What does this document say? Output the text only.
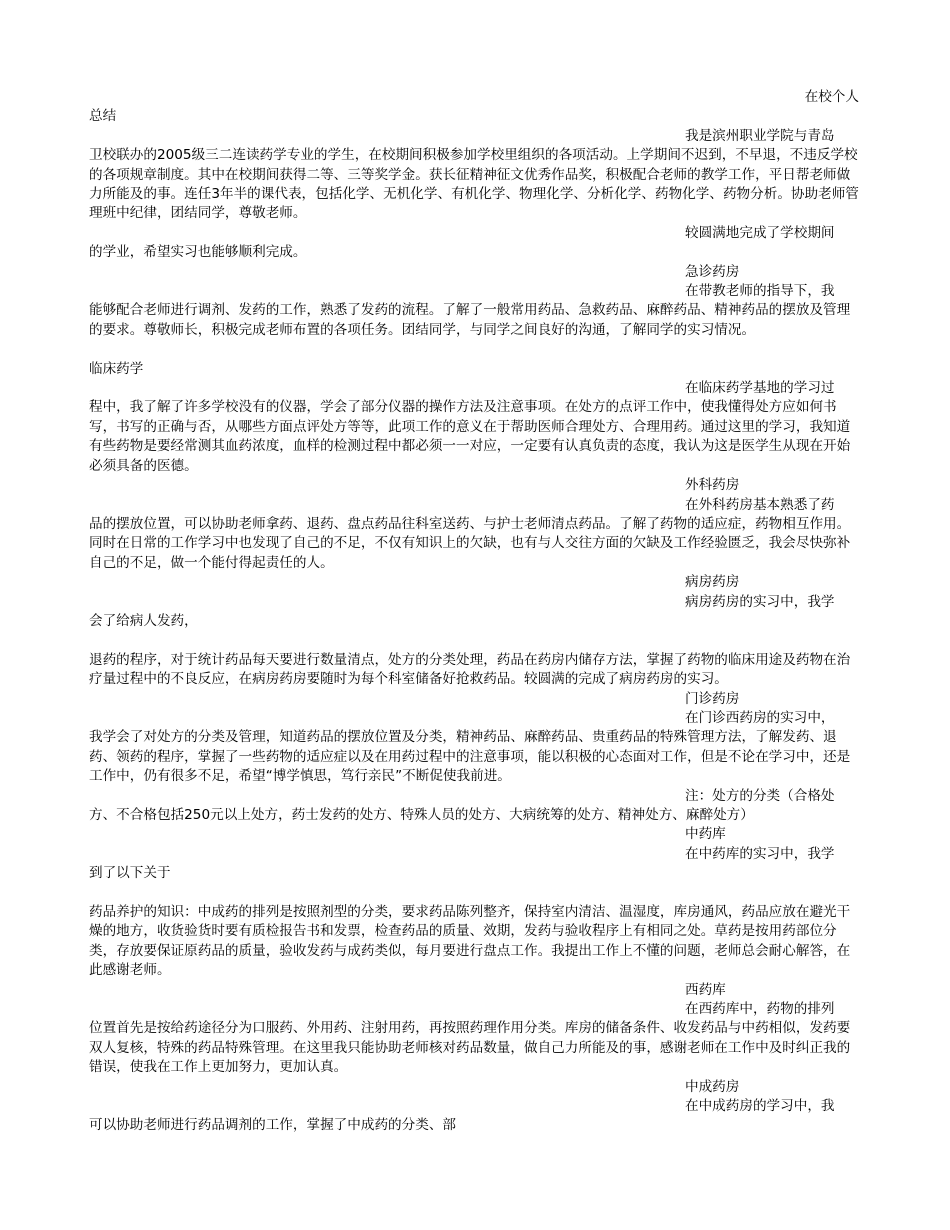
在校个人

总结

我是滨州职业学院与青岛

卫校联办的2005级三二连读药学专业的学生，在校期间积极参加学校里组织的各项活动。上学期间不迟到，不早退，不违反学校的各项规章制度。其中在校期间获得二等、三等奖学金。获长征精神征文优秀作品奖，积极配合老师的教学工作，平日帮老师做力所能及的事。连任3年半的课代表，包括化学、无机化学、有机化学、物理化学、分析化学、药物化学、药物分析。协助老师管理班中纪律，团结同学，尊敬老师。

较圆满地完成了学校期间

的学业，希望实习也能够顺利完成。

急诊药房

在带教老师的指导下，我

能够配合老师进行调剂、发药的工作，熟悉了发药的流程。了解了一般常用药品、急救药品、麻醉药品、精神药品的摆放及管理的要求。尊敬师长，积极完成老师布置的各项任务。团结同学，与同学之间良好的沟通，了解同学的实习情况。

临床药学

在临床药学基地的学习过

程中，我了解了许多学校没有的仪器，学会了部分仪器的操作方法及注意事项。在处方的点评工作中，使我懂得处方应如何书写，书写的正确与否，从哪些方面点评处方等等，此项工作的意义在于帮助医师合理处方、合理用药。通过这里的学习，我知道有些药物是要经常测其血药浓度，血样的检测过程中都必须一一对应，一定要有认真负责的态度，我认为这是医学生从现在开始必须具备的医德。

外科药房

在外科药房基本熟悉了药

品的摆放位置，可以协助老师拿药、退药、盘点药品往科室送药、与护士老师清点药品。了解了药物的适应症，药物相互作用。同时在日常的工作学习中也发现了自己的不足，不仅有知识上的欠缺，也有与人交往方面的欠缺及工作经验匮乏，我会尽快弥补自己的不足，做一个能付得起责任的人。

病房药房

病房药房的实习中，我学

会了给病人发药，

退药的程序，对于统计药品每天要进行数量清点，处方的分类处理，药品在药房内储存方法，掌握了药物的临床用途及药物在治疗量过程中的不良反应，在病房药房要随时为每个科室储备好抢救药品。较圆满的完成了病房药房的实习。

门诊药房

在门诊西药房的实习中，

我学会了对处方的分类及管理，知道药品的摆放位置及分类，精神药品、麻醉药品、贵重药品的特殊管理方法，了解发药、退药、领药的程序，掌握了一些药物的适应症以及在用药过程中的注意事项，能以积极的心态面对工作，但是不论在学习中，还是工作中，仍有很多不足，希望“博学慎思，笃行亲民”不断促使我前进。

注：处方的分类（合格处

方、不合格包括250元以上处方，药士发药的处方、特殊人员的处方、大病统筹的处方、精神处方、麻醉处方）

中药库

在中药库的实习中，我学

到了以下关于

药品养护的知识：中成药的排列是按照剂型的分类，要求药品陈列整齐，保持室内清洁、温湿度，库房通风，药品应放在避光干燥的地方，收货验货时要有质检报告书和发票，检查药品的质量、效期，发药与验收程序上有相同之处。草药是按用药部位分类，存放要保证原药品的质量，验收发药与成药类似，每月要进行盘点工作。我提出工作上不懂的问题，老师总会耐心解答，在此感谢老师。

西药库

在西药库中，药物的排列

位置首先是按给药途径分为口服药、外用药、注射用药，再按照药理作用分类。库房的储备条件、收发药品与中药相似，发药要双人复核，特殊的药品特殊管理。在这里我只能协助老师核对药品数量，做自己力所能及的事，感谢老师在工作中及时纠正我的错误，使我在工作上更加努力，更加认真。

中成药房

在中成药房的学习中，我

可以协助老师进行药品调剂的工作，掌握了中成药的分类、部
